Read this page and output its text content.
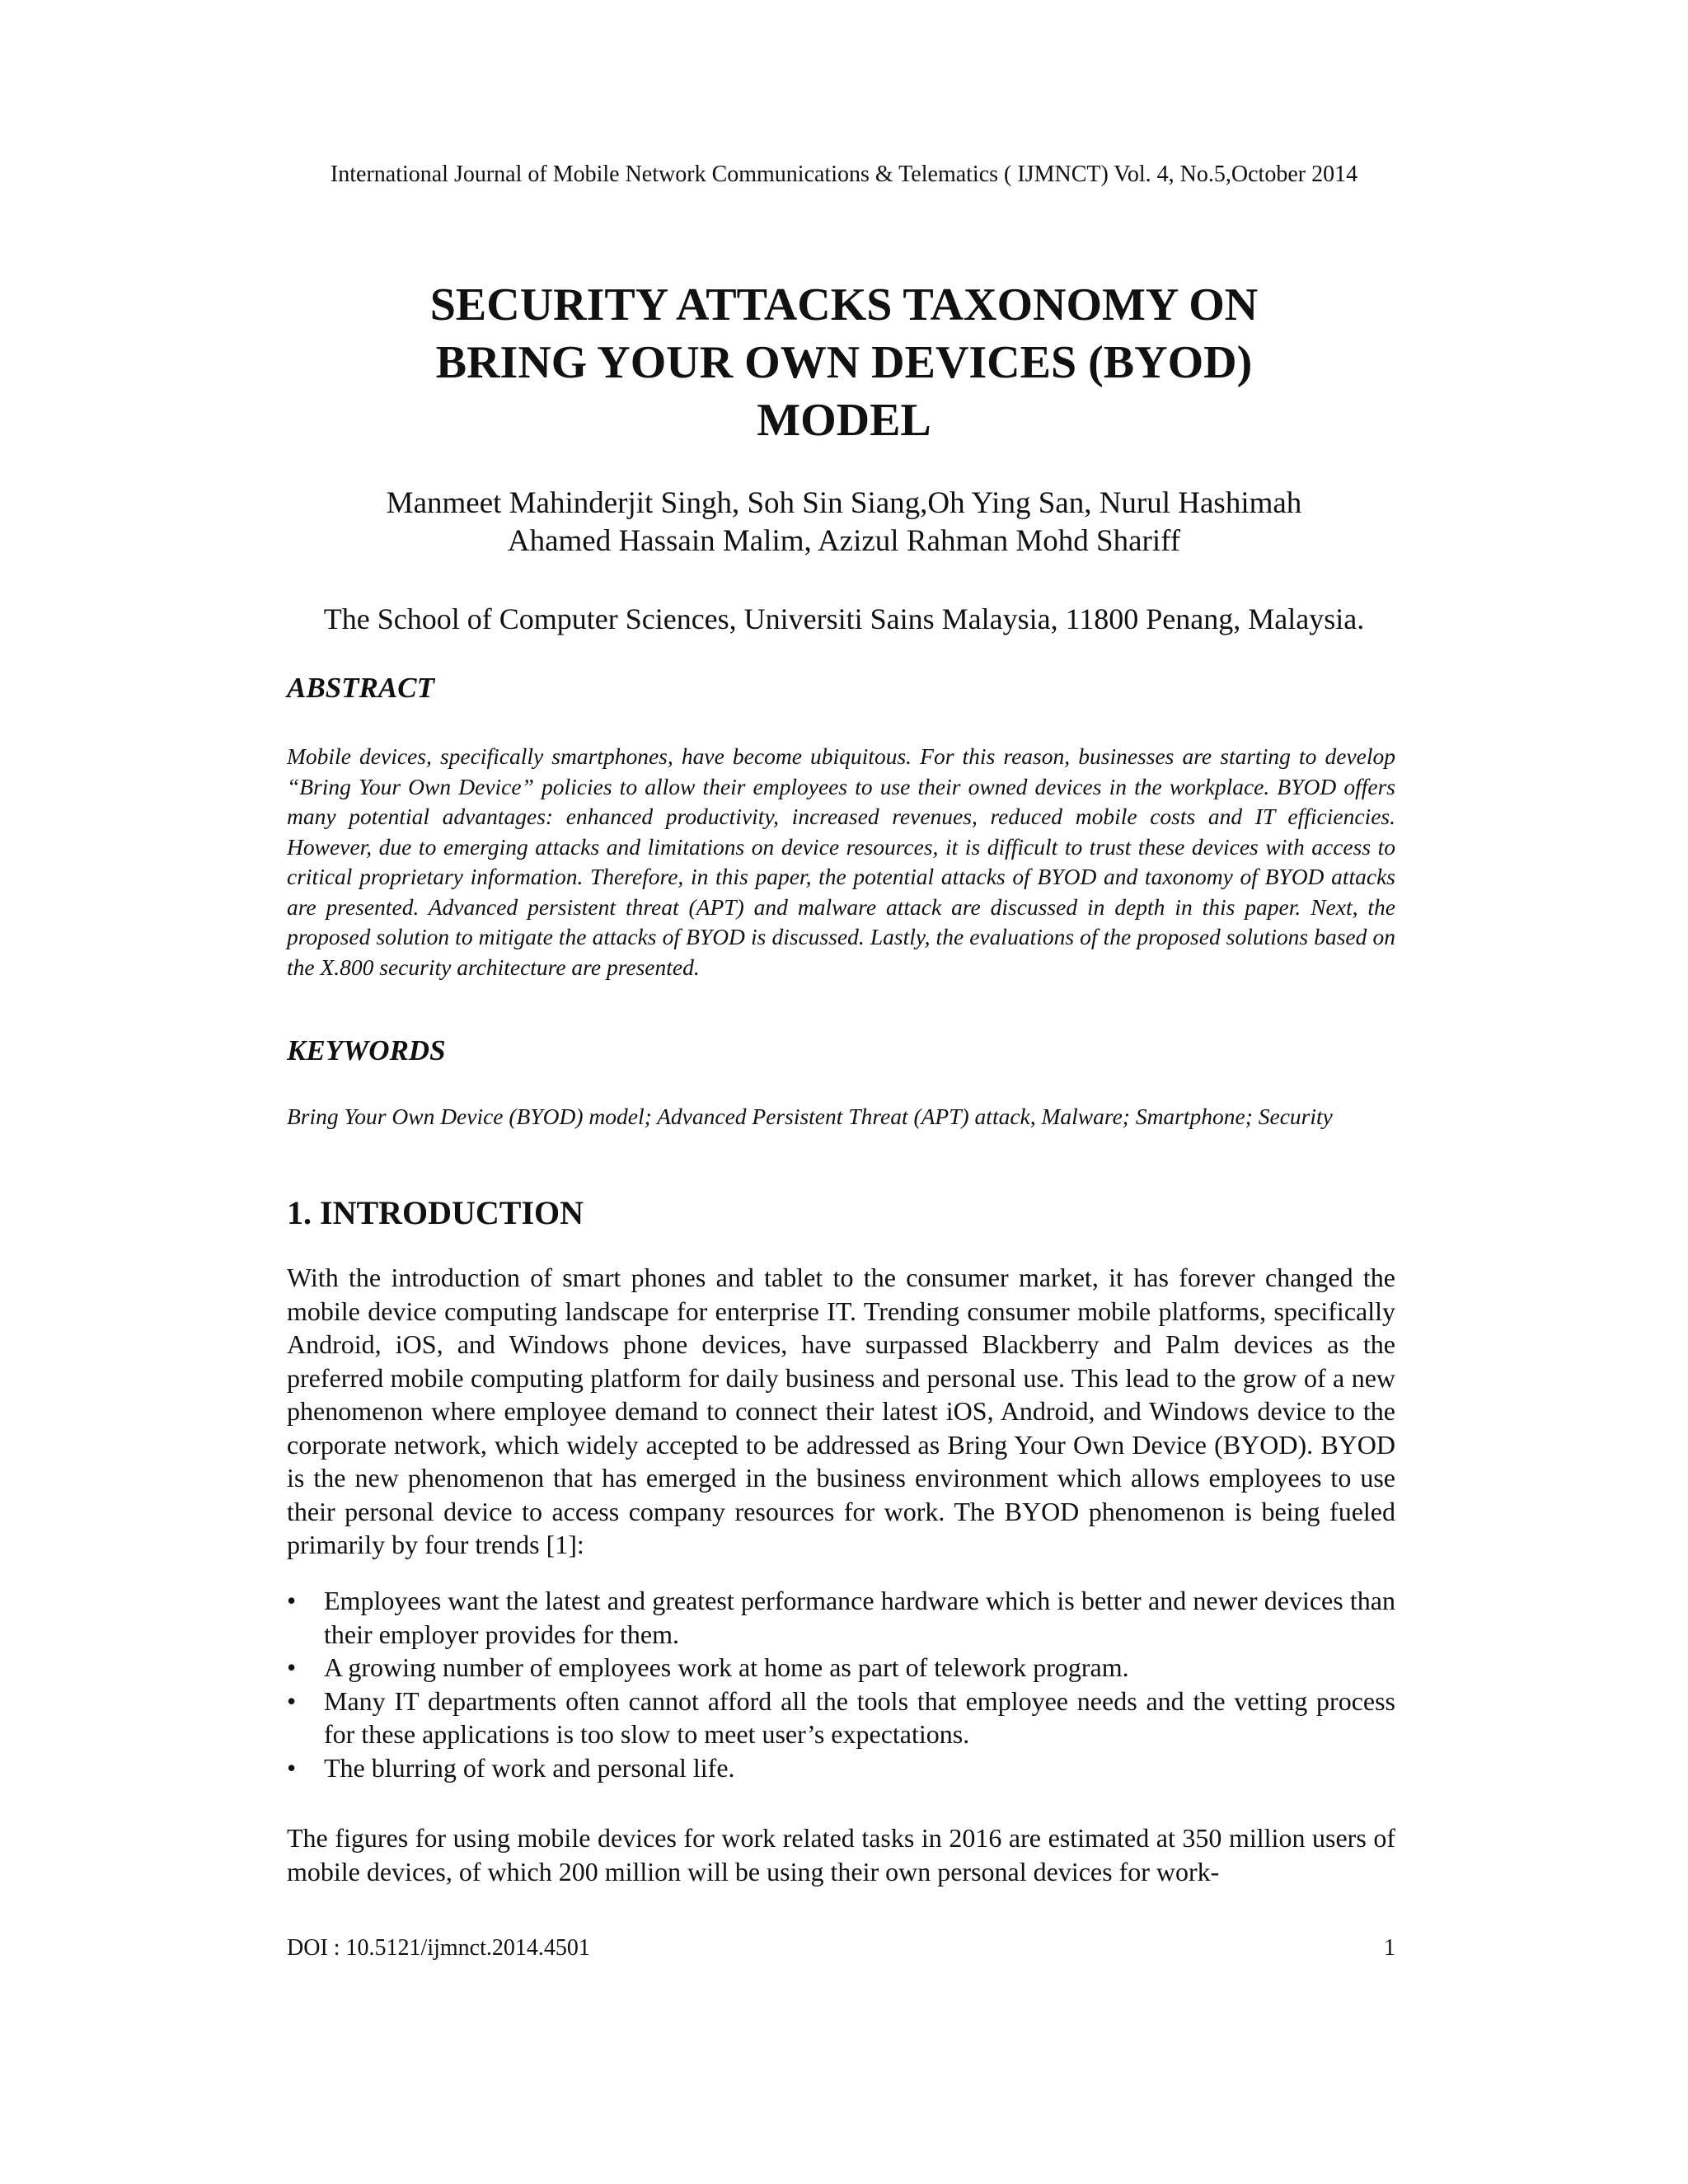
International Journal of Mobile Network Communications & Telematics ( IJMNCT) Vol. 4, No.5,October 2014
SECURITY ATTACKS TAXONOMY ON
BRING YOUR OWN DEVICES (BYOD)
MODEL
Manmeet Mahinderjit Singh, Soh Sin Siang,Oh Ying San, Nurul Hashimah
Ahamed Hassain Malim, Azizul Rahman Mohd Shariff
The School of Computer Sciences, Universiti Sains Malaysia, 11800 Penang, Malaysia.
ABSTRACT
Mobile devices, specifically smartphones, have become ubiquitous. For this reason, businesses are starting to develop “Bring Your Own Device” policies to allow their employees to use their owned devices in the workplace. BYOD offers many potential advantages: enhanced productivity, increased revenues, reduced mobile costs and IT efficiencies. However, due to emerging attacks and limitations on device resources, it is difficult to trust these devices with access to critical proprietary information. Therefore, in this paper, the potential attacks of BYOD and taxonomy of BYOD attacks are presented. Advanced persistent threat (APT) and malware attack are discussed in depth in this paper. Next, the proposed solution to mitigate the attacks of BYOD is discussed. Lastly, the evaluations of the proposed solutions based on the X.800 security architecture are presented.
KEYWORDS
Bring Your Own Device (BYOD) model; Advanced Persistent Threat (APT) attack, Malware; Smartphone; Security
1. INTRODUCTION
With the introduction of smart phones and tablet to the consumer market, it has forever changed the mobile device computing landscape for enterprise IT. Trending consumer mobile platforms, specifically Android, iOS, and Windows phone devices, have surpassed Blackberry and Palm devices as the preferred mobile computing platform for daily business and personal use. This lead to the grow of a new phenomenon where employee demand to connect their latest iOS, Android, and Windows device to the corporate network, which widely accepted to be addressed as Bring Your Own Device (BYOD). BYOD is the new phenomenon that has emerged in the business environment which allows employees to use their personal device to access company resources for work. The BYOD phenomenon is being fueled primarily by four trends [1]:
• Employees want the latest and greatest performance hardware which is better and newer devices than their employer provides for them.
• A growing number of employees work at home as part of telework program.
• Many IT departments often cannot afford all the tools that employee needs and the vetting process for these applications is too slow to meet user’s expectations.
• The blurring of work and personal life.
The figures for using mobile devices for work related tasks in 2016 are estimated at 350 million users of mobile devices, of which 200 million will be using their own personal devices for work-
DOI : 10.5121/ijmnct.2014.4501	1
